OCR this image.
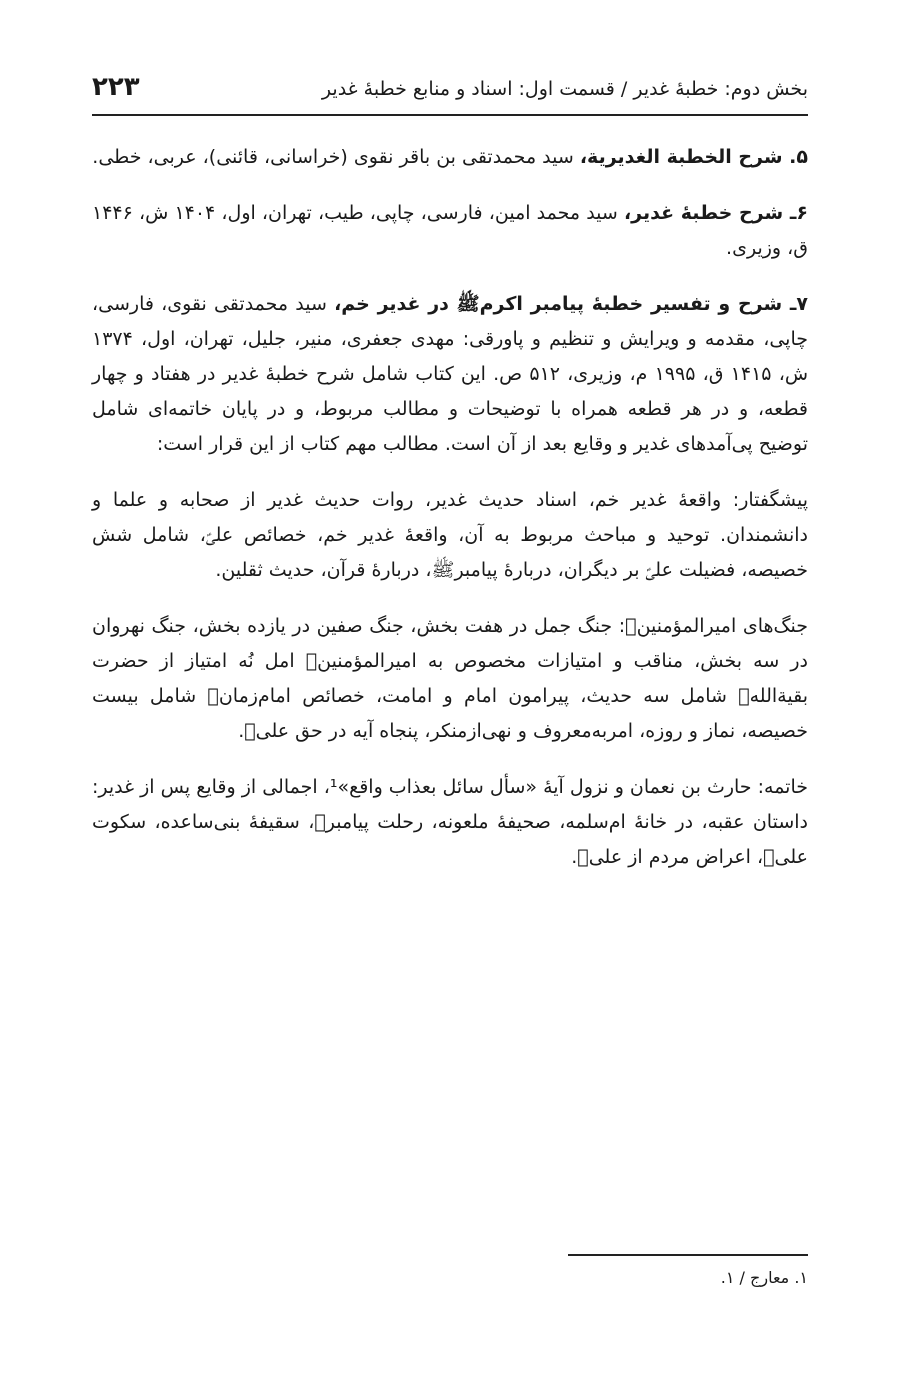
بخش دوم: خطبهٔ غدیر / قسمت اول: اسناد و منابع خطبهٔ غدیر
۲۲۳

۵. شرح الخطبة الغديرية، سید محمدتقی بن باقر نقوی (خراسانی، قائنی)، عربی، خطی.

۶ـ شرح خطبهٔ غدیر، سید محمد امین، فارسی، چاپی، طیب، تهران، اول، ۱۴۰۴ ش، ۱۴۴۶ ق، وزیری.

۷ـ شرح و تفسیر خطبهٔ پیامبر اکرمﷺ در غدیر خم، سید محمدتقی نقوی، فارسی، چاپی، مقدمه و ویرایش و تنظیم و پاورقی: مهدی جعفری، منیر، جلیل، تهران، اول، ۱۳۷۴ ش، ۱۴۱۵ ق، ۱۹۹۵ م، وزیری، ۵۱۲ ص. این کتاب شامل شرح خطبهٔ غدیر در هفتاد و چهار قطعه، و در هر قطعه همراه با توضیحات و مطالب مربوط، و در پایان خاتمه‌ای شامل توضیح پی‌آمدهای غدیر و وقایع بعد از آن است. مطالب مهم کتاب از این قرار است:

پیشگفتار: واقعهٔ غدیر خم، اسناد حدیث غدیر، روات حدیث غدیر از صحابه و علما و دانشمندان. توحید و مباحث مربوط به آن، واقعهٔ غدیر خم، خصائص علیؑ، شامل شش خصیصه، فضیلت علیؑ بر دیگران، دربارهٔ پیامبرﷺ، دربارهٔ قرآن، حدیث ثقلین.

جنگ‌های امیرالمؤمنینؑ: جنگ جمل در هفت بخش، جنگ صفین در یازده بخش، جنگ نهروان در سه بخش، مناقب و امتیازات مخصوص به امیرالمؤمنینؑ امل نُه امتیاز از حضرت بقیةاللهؑ شامل سه حدیث، پیرامون امام و امامت، خصائص امام‌زمانؑ شامل بیست خصیصه، نماز و روزه، امربه‌معروف و نهی‌ازمنکر، پنجاه آیه در حق علیؑ.

خاتمه: حارث بن نعمان و نزول آیهٔ «سأل سائل بعذاب واقع»¹، اجمالی از وقایع پس از غدیر: داستان عقبه، در خانهٔ ام‌سلمه، صحیفهٔ ملعونه، رحلت پیامبرﷺ، سقیفهٔ بنی‌ساعده، سکوت علیؑ، اعراض مردم از علیؑ.

۱. معارج / ۱.
